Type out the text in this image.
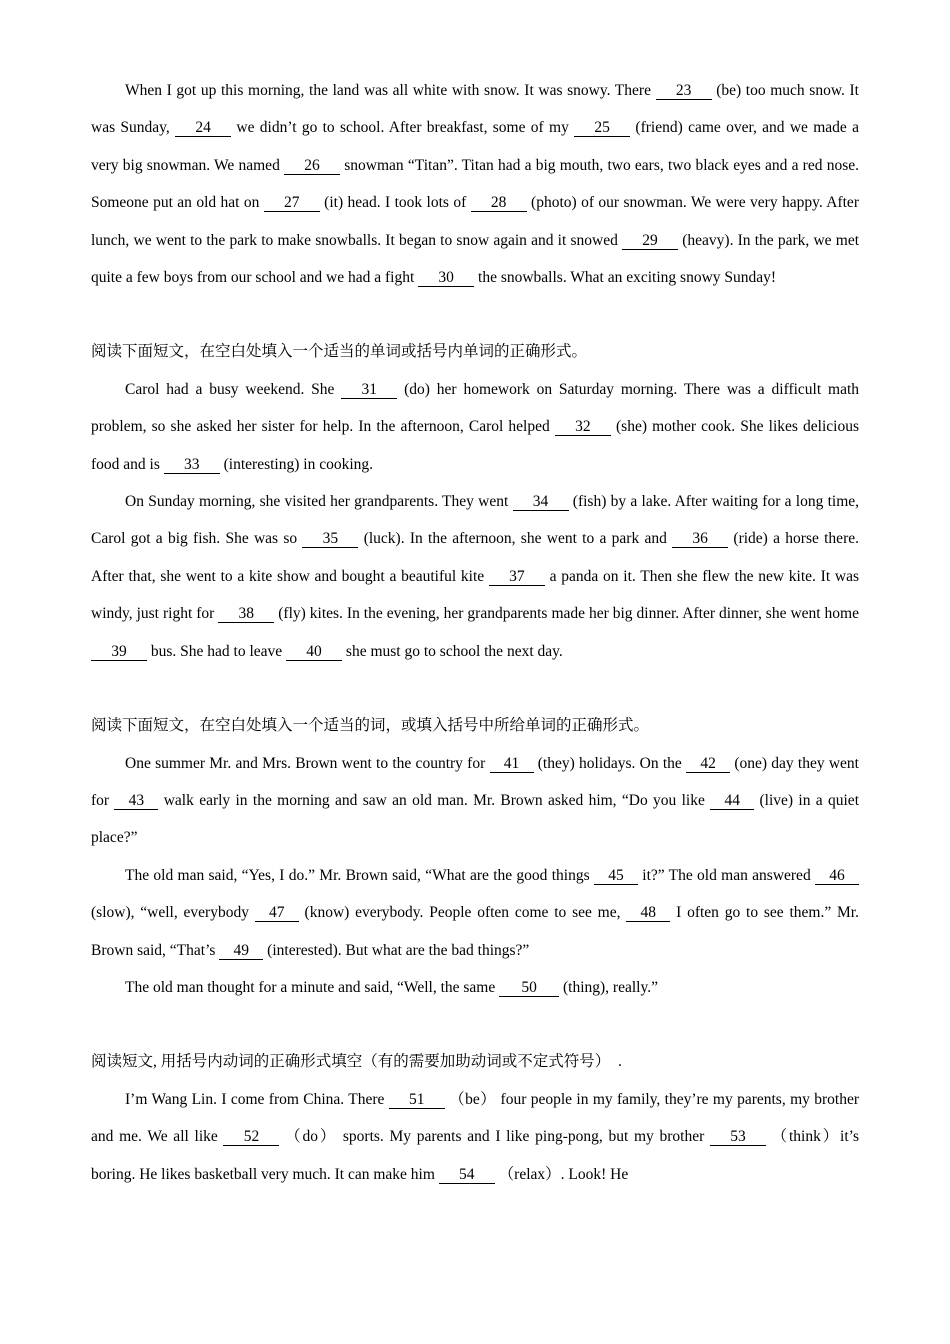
When I got up this morning, the land was all white with snow. It was snowy. There 23 (be) too much snow. It was Sunday, 24 we didn’t go to school. After breakfast, some of my 25 (friend) came over, and we made a very big snowman. We named 26 snowman “Titan”. Titan had a big mouth, two ears, two black eyes and a red nose. Someone put an old hat on 27 (it) head. I took lots of 28 (photo) of our snowman. We were very happy. After lunch, we went to the park to make snowballs. It began to snow again and it snowed 29 (heavy). In the park, we met quite a few boys from our school and we had a fight 30 the snowballs. What an exciting snowy Sunday!

阅读下面短文，在空白处填入一个适当的单词或括号内单词的正确形式。

Carol had a busy weekend. She 31 (do) her homework on Saturday morning. There was a difficult math problem, so she asked her sister for help. In the afternoon, Carol helped 32 (she) mother cook. She likes delicious food and is 33 (interesting) in cooking.

On Sunday morning, she visited her grandparents. They went 34 (fish) by a lake. After waiting for a long time, Carol got a big fish. She was so 35 (luck). In the afternoon, she went to a park and 36 (ride) a horse there. After that, she went to a kite show and bought a beautiful kite 37 a panda on it. Then she flew the new kite. It was windy, just right for 38 (fly) kites. In the evening, her grandparents made her big dinner. After dinner, she went home 39 bus. She had to leave 40 she must go to school the next day.

阅读下面短文，在空白处填入一个适当的词，或填入括号中所给单词的正确形式。

One summer Mr. and Mrs. Brown went to the country for 41 (they) holidays. On the 42 (one) day they went for 43 walk early in the morning and saw an old man. Mr. Brown asked him, “Do you like 44 (live) in a quiet place?”

The old man said, “Yes, I do.” Mr. Brown said, “What are the good things 45 it?” The old man answered 46 (slow), “well, everybody 47 (know) everybody. People often come to see me, 48 I often go to see them.” Mr. Brown said, “That’s 49 (interested). But what are the bad things?”

The old man thought for a minute and said, “Well, the same 50 (thing), really.”

阅读短文, 用括号内动词的正确形式填空（有的需要加助动词或不定式符号）　.

I’m Wang Lin. I come from China. There 51 （be） four people in my family, they’re my parents, my brother and me. We all like 52 （do） sports. My parents and I like ping-pong, but my brother 53 （think）it’s boring. He likes basketball very much. It can make him 54 （relax）. Look! He
